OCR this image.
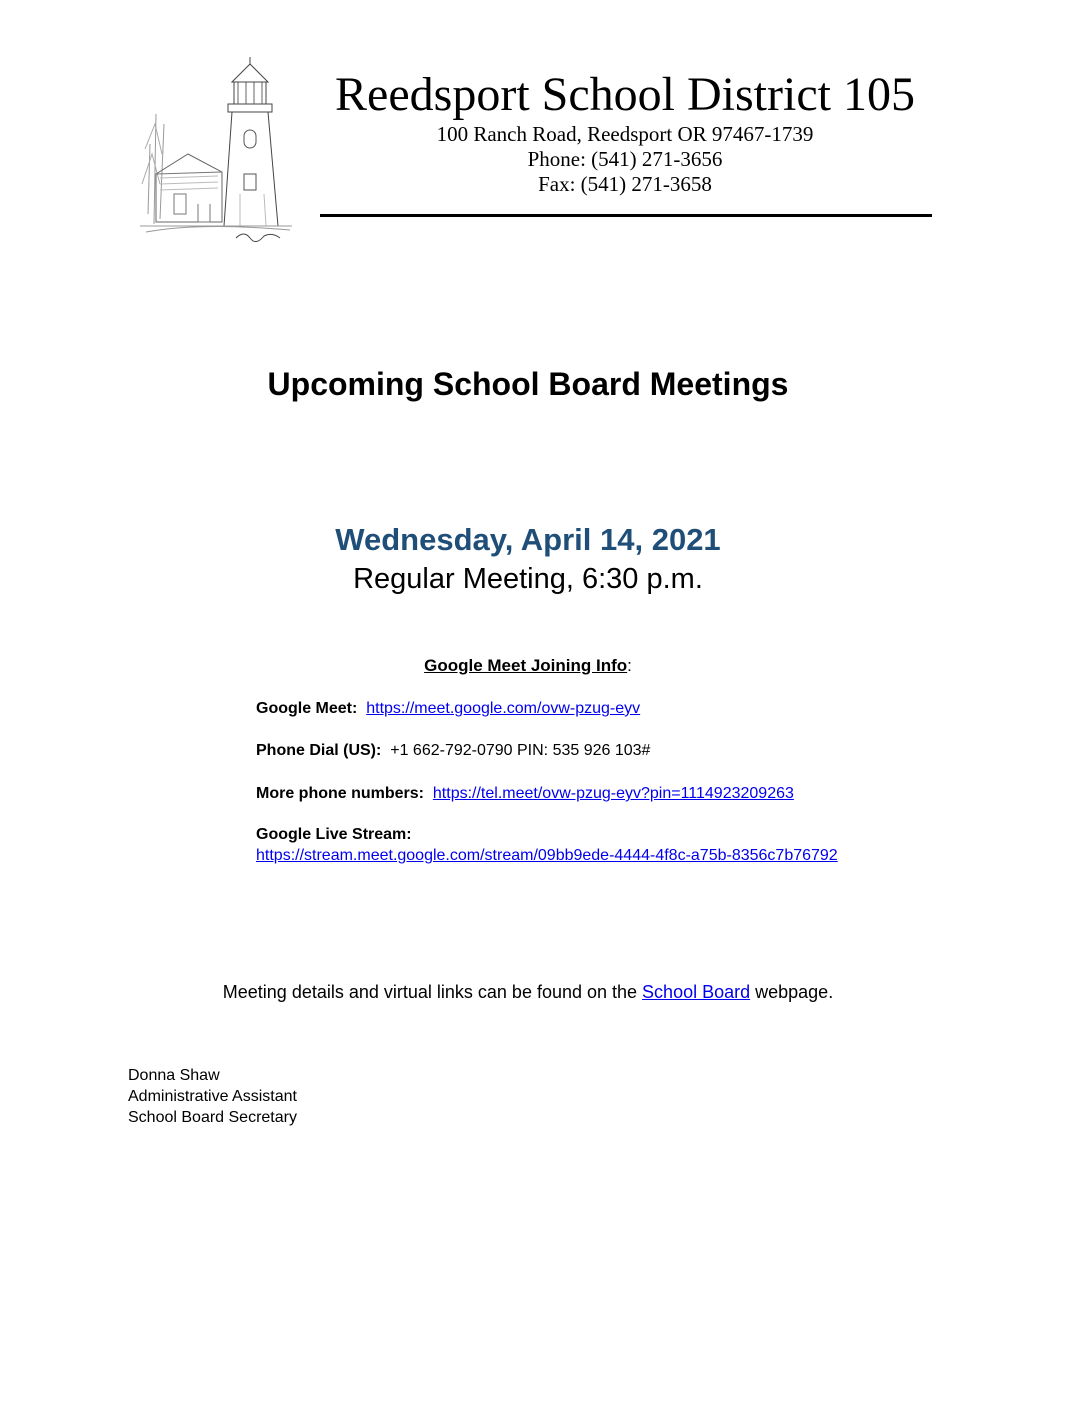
Reedsport School District 105
100 Ranch Road, Reedsport OR 97467-1739
Phone: (541) 271-3656
Fax: (541) 271-3658
Upcoming School Board Meetings
Wednesday, April 14, 2021
Regular Meeting, 6:30 p.m.
Google Meet Joining Info:
Google Meet: https://meet.google.com/ovw-pzug-eyv
Phone Dial (US): +1 662-792-0790 PIN: 535 926 103#
More phone numbers: https://tel.meet/ovw-pzug-eyv?pin=1114923209263
Google Live Stream:
https://stream.meet.google.com/stream/09bb9ede-4444-4f8c-a75b-8356c7b76792
Meeting details and virtual links can be found on the School Board webpage.
Donna Shaw
Administrative Assistant
School Board Secretary
